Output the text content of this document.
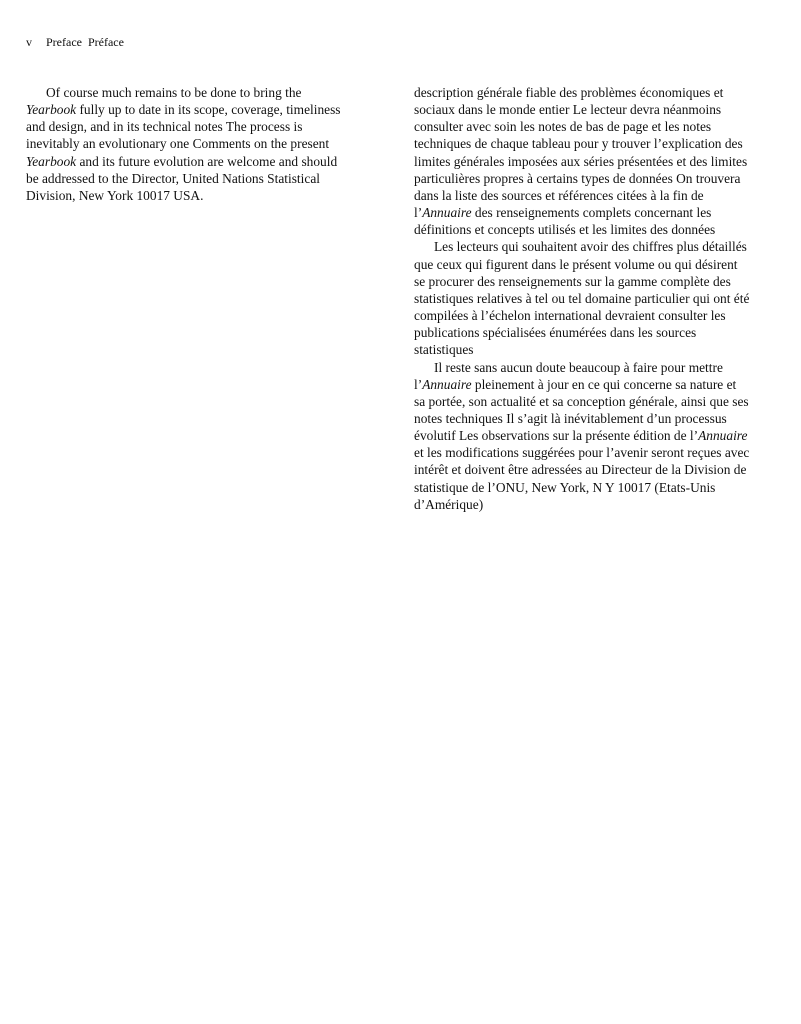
v Preface Préface
Of course much remains to be done to bring the
Yearbook fully up to date in its scope, coverage, timeliness
and design, and in its technical notes The process is
inevitably an evolutionary one Comments on the present
Yearbook and its future evolution are welcome and should
be addressed to the Director, United Nations Statistical
Division, New York 10017 USA.
description générale fiable des problèmes économiques et
sociaux dans le monde entier Le lecteur devra néanmoins
consulter avec soin les notes de bas de page et les notes
techniques de chaque tableau pour y trouver l’explication des
limites générales imposées aux séries présentées et des limites
particulières propres à certains types de données On trouvera
dans la liste des sources et références citées à la fin de
l’Annuaire des renseignements complets concernant les
définitions et concepts utilisés et les limites des données
Les lecteurs qui souhaitent avoir des chiffres plus détaillés
que ceux qui figurent dans le présent volume ou qui désirent
se procurer des renseignements sur la gamme complète des
statistiques relatives à tel ou tel domaine particulier qui ont été
compilées à l’échelon international devraient consulter les
publications spécialisées énumérées dans les sources
statistiques
Il reste sans aucun doute beaucoup à faire pour mettre
l’Annuaire pleinement à jour en ce qui concerne sa nature et
sa portée, son actualité et sa conception générale, ainsi que ses
notes techniques Il s’agit là inévitablement d’un processus
évolutif Les observations sur la présente édition de l’Annuaire
et les modifications suggérées pour l’avenir seront reçues avec
intérêt et doivent être adressées au Directeur de la Division de
statistique de l’ONU, New York, N Y 10017 (Etats-Unis
d’Amérique)
